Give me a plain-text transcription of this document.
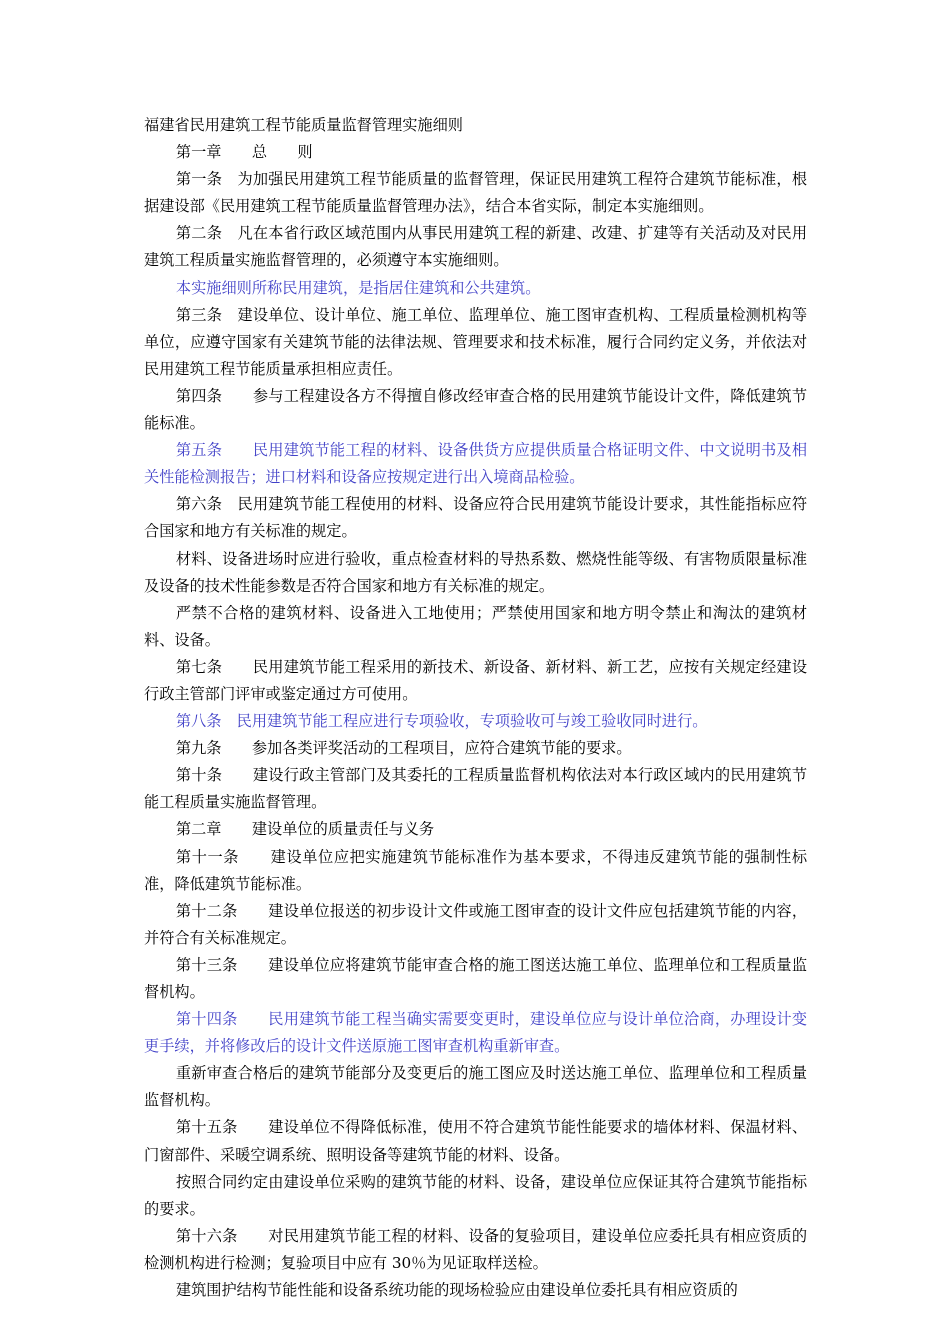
福建省民用建筑工程节能质量监督管理实施细则

第一章　　总　　则

第一条　为加强民用建筑工程节能质量的监督管理，保证民用建筑工程符合建筑节能标准，根据建设部《民用建筑工程节能质量监督管理办法》，结合本省实际，制定本实施细则。

第二条　凡在本省行政区域范围内从事民用建筑工程的新建、改建、扩建等有关活动及对民用建筑工程质量实施监督管理的，必须遵守本实施细则。

本实施细则所称民用建筑，是指居住建筑和公共建筑。

第三条　建设单位、设计单位、施工单位、监理单位、施工图审查机构、工程质量检测机构等单位，应遵守国家有关建筑节能的法律法规、管理要求和技术标准，履行合同约定义务，并依法对民用建筑工程节能质量承担相应责任。

第四条　　参与工程建设各方不得擅自修改经审查合格的民用建筑节能设计文件，降低建筑节能标准。

第五条　　民用建筑节能工程的材料、设备供货方应提供质量合格证明文件、中文说明书及相关性能检测报告；进口材料和设备应按规定进行出入境商品检验。

第六条　民用建筑节能工程使用的材料、设备应符合民用建筑节能设计要求，其性能指标应符合国家和地方有关标准的规定。

材料、设备进场时应进行验收，重点检查材料的导热系数、燃烧性能等级、有害物质限量标准及设备的技术性能参数是否符合国家和地方有关标准的规定。

严禁不合格的建筑材料、设备进入工地使用；严禁使用国家和地方明令禁止和淘汰的建筑材料、设备。

第七条　　民用建筑节能工程采用的新技术、新设备、新材料、新工艺，应按有关规定经建设行政主管部门评审或鉴定通过方可使用。

第八条　民用建筑节能工程应进行专项验收，专项验收可与竣工验收同时进行。

第九条　　参加各类评奖活动的工程项目，应符合建筑节能的要求。

第十条　　建设行政主管部门及其委托的工程质量监督机构依法对本行政区域内的民用建筑节能工程质量实施监督管理。

第二章　　建设单位的质量责任与义务

第十一条　　建设单位应把实施建筑节能标准作为基本要求，不得违反建筑节能的强制性标准，降低建筑节能标准。

第十二条　　建设单位报送的初步设计文件或施工图审查的设计文件应包括建筑节能的内容，并符合有关标准规定。

第十三条　　建设单位应将建筑节能审查合格的施工图送达施工单位、监理单位和工程质量监督机构。

第十四条　　民用建筑节能工程当确实需要变更时，建设单位应与设计单位洽商，办理设计变更手续，并将修改后的设计文件送原施工图审查机构重新审查。

重新审查合格后的建筑节能部分及变更后的施工图应及时送达施工单位、监理单位和工程质量监督机构。

第十五条　　建设单位不得降低标准，使用不符合建筑节能性能要求的墙体材料、保温材料、门窗部件、采暖空调系统、照明设备等建筑节能的材料、设备。

按照合同约定由建设单位采购的建筑节能的材料、设备，建设单位应保证其符合建筑节能指标的要求。

第十六条　　对民用建筑节能工程的材料、设备的复验项目，建设单位应委托具有相应资质的检测机构进行检测；复验项目中应有 30％为见证取样送检。

建筑围护结构节能性能和设备系统功能的现场检验应由建设单位委托具有相应资质的
